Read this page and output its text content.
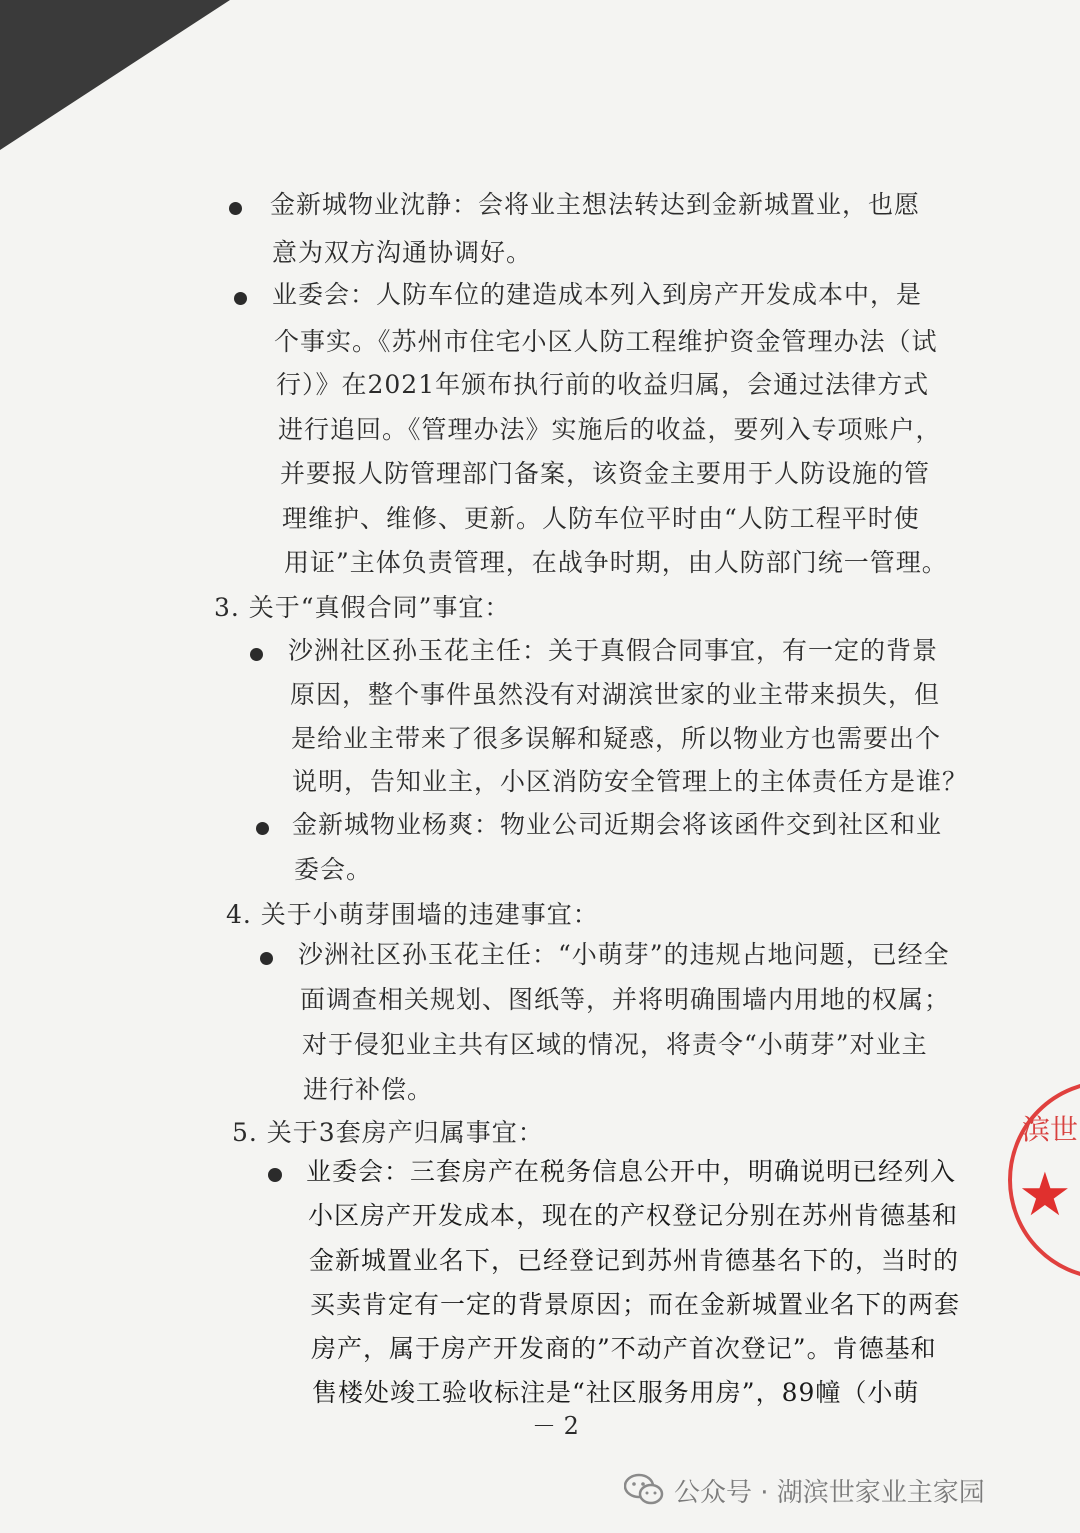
金新城物业沈静：会将业主想法转达到金新城置业，也愿
意为双方沟通协调好。
业委会：人防车位的建造成本列入到房产开发成本中，是
个事实。《苏州市住宅小区人防工程维护资金管理办法（试
行）》在2021年颁布执行前的收益归属，会通过法律方式
进行追回。《管理办法》实施后的收益，要列入专项账户，
并要报人防管理部门备案，该资金主要用于人防设施的管
理维护、维修、更新。人防车位平时由“人防工程平时使
用证”主体负责管理，在战争时期，由人防部门统一管理。
3. 关于“真假合同”事宜：
沙洲社区孙玉花主任：关于真假合同事宜，有一定的背景
原因，整个事件虽然没有对湖滨世家的业主带来损失，但
是给业主带来了很多误解和疑惑，所以物业方也需要出个
说明，告知业主，小区消防安全管理上的主体责任方是谁？
金新城物业杨爽：物业公司近期会将该函件交到社区和业
委会。
4. 关于小萌芽围墙的违建事宜：
沙洲社区孙玉花主任：“小萌芽”的违规占地问题，已经全
面调查相关规划、图纸等，并将明确围墙内用地的权属；
对于侵犯业主共有区域的情况，将责令“小萌芽”对业主
进行补偿。
5. 关于3套房产归属事宜：
业委会：三套房产在税务信息公开中，明确说明已经列入
小区房产开发成本，现在的产权登记分别在苏州肯德基和
金新城置业名下，已经登记到苏州肯德基名下的，当时的
买卖肯定有一定的背景原因；而在金新城置业名下的两套
房产，属于房产开发商的”不动产首次登记”。肯德基和
售楼处竣工验收标注是“社区服务用房”，89幢（小萌
－ 2
滨世
★
公众号 · 湖滨世家业主家园
